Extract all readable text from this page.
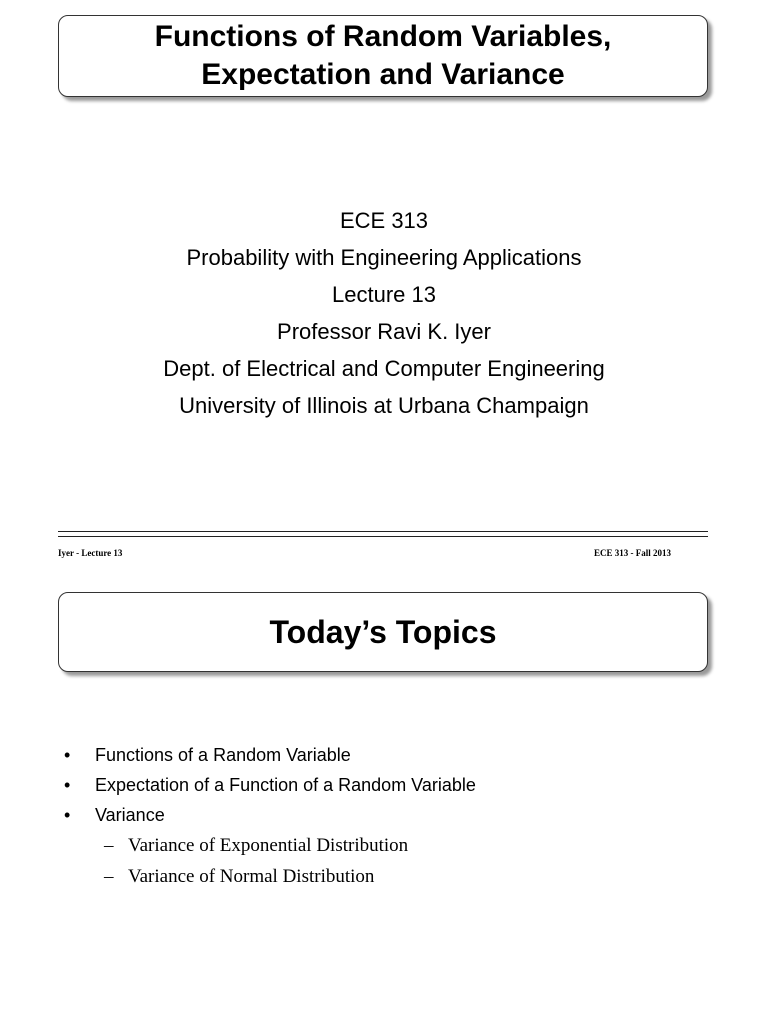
Functions of Random Variables,
Expectation and Variance
ECE 313
Probability with Engineering Applications
Lecture 13
Professor Ravi K. Iyer
Dept. of Electrical and Computer Engineering
University of Illinois at Urbana Champaign
Iyer - Lecture 13	ECE 313 - Fall 2013
Today’s Topics
• Functions of a Random Variable
• Expectation of a Function of a Random Variable
• Variance
– Variance of Exponential Distribution
– Variance of Normal Distribution
